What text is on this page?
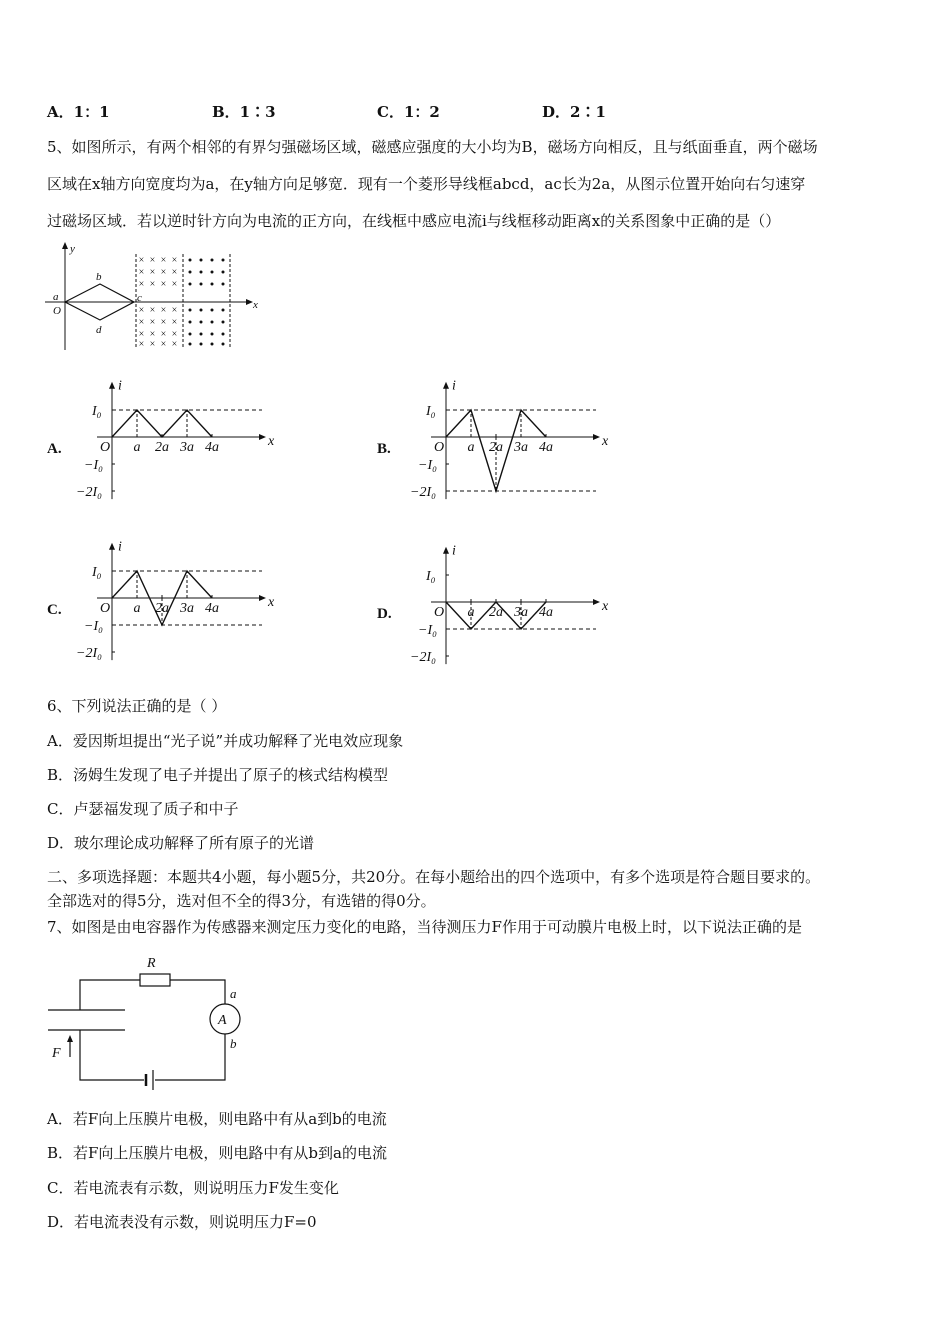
A．1：1	B．1∶3	C．1：2	D．2∶1
5、如图所示，有两个相邻的有界匀强磁场区域，磁感应强度的大小均为B，磁场方向相反，且与纸面垂直，两个磁场
区域在x轴方向宽度均为a，在y轴方向足够宽．现有一个菱形导线框abcd，ac长为2a，从图示位置开始向右匀速穿
过磁场区域．若以逆时针方向为电流的正方向，在线框中感应电流i与线框移动距离x的关系图象中正确的是（）
× × × ×
× × × ×
× × × ×
× × × ×
× × × ×
× × × ×
× × × ×
y
x
a
O
b
c
d
A.
i
x
O
I₀
−I₀
−2I₀
a 2a 3a 4a	B.
i
x
O
I₀
−I₀
−2I₀
a 2a 3a 4a
C.
i
x
O
I₀
−I₀
−2I₀
a 2a 3a 4a	D.
i
x
O
I₀
−I₀
−2I₀
a 2a 3a 4a
6、下列说法正确的是（ ）
A．爱因斯坦提出“光子说”并成功解释了光电效应现象
B．汤姆生发现了电子并提出了原子的核式结构模型
C．卢瑟福发现了质子和中子
D．玻尔理论成功解释了所有原子的光谱
二、多项选择题：本题共4小题，每小题5分，共20分。在每小题给出的四个选项中，有多个选项是符合题目要求的。
全部选对的得5分，选对但不全的得3分，有选错的得0分。
7、如图是由电容器作为传感器来测定压力变化的电路，当待测压力F作用于可动膜片电极上时，以下说法正确的是
R
A
a
b
F
A．若F向上压膜片电极，则电路中有从a到b的电流
B．若F向上压膜片电极，则电路中有从b到a的电流
C．若电流表有示数，则说明压力F发生变化
D．若电流表没有示数，则说明压力F=0
